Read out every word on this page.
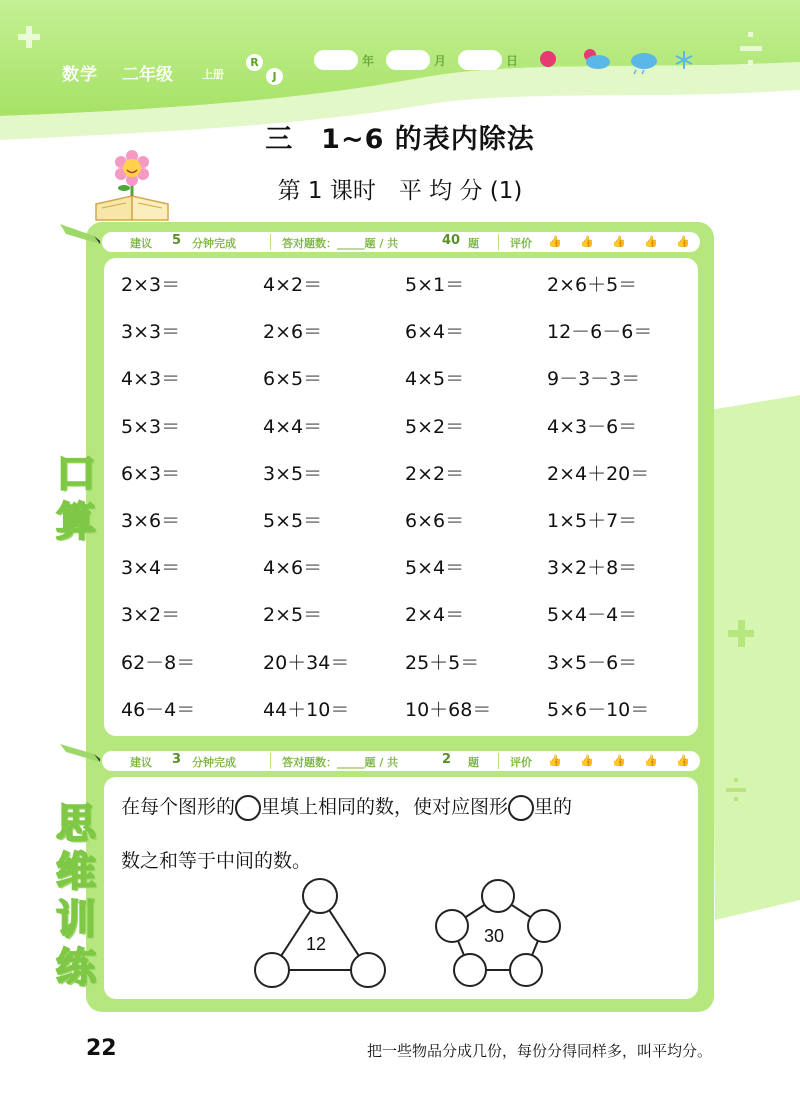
数学 二年级	上册
R
J
年	月	日
三　1~6 的表内除法
第 1 课时　平 均 分 (1)
建议 5 分钟完成	答对题数：_____题 / 共	40 题	评价 👍 👍 👍 👍 👍
2×3＝	4×2＝	5×1＝	2×6＋5＝
3×3＝	2×6＝	6×4＝	12－6－6＝
4×3＝	6×5＝	4×5＝	9－3－3＝
5×3＝	4×4＝	5×2＝	4×3－6＝
6×3＝	3×5＝	2×2＝	2×4＋20＝
3×6＝	5×5＝	6×6＝	1×5＋7＝
3×4＝	4×6＝	5×4＝	3×2＋8＝
3×2＝	2×5＝	2×4＝	5×4－4＝
62－8＝	20＋34＝	25＋5＝	3×5－6＝
46－4＝	44＋10＝	10＋68＝	5×6－10＝
口
算
建议 3 分钟完成	答对题数：_____题 / 共	2 题	评价 👍 👍 👍 👍 👍
在每个图形的 里填上相同的数，使对应图形 里的
数之和等于中间的数。
12	30
思
维
训
练
22	把一些物品分成几份，每份分得同样多，叫平均分。
